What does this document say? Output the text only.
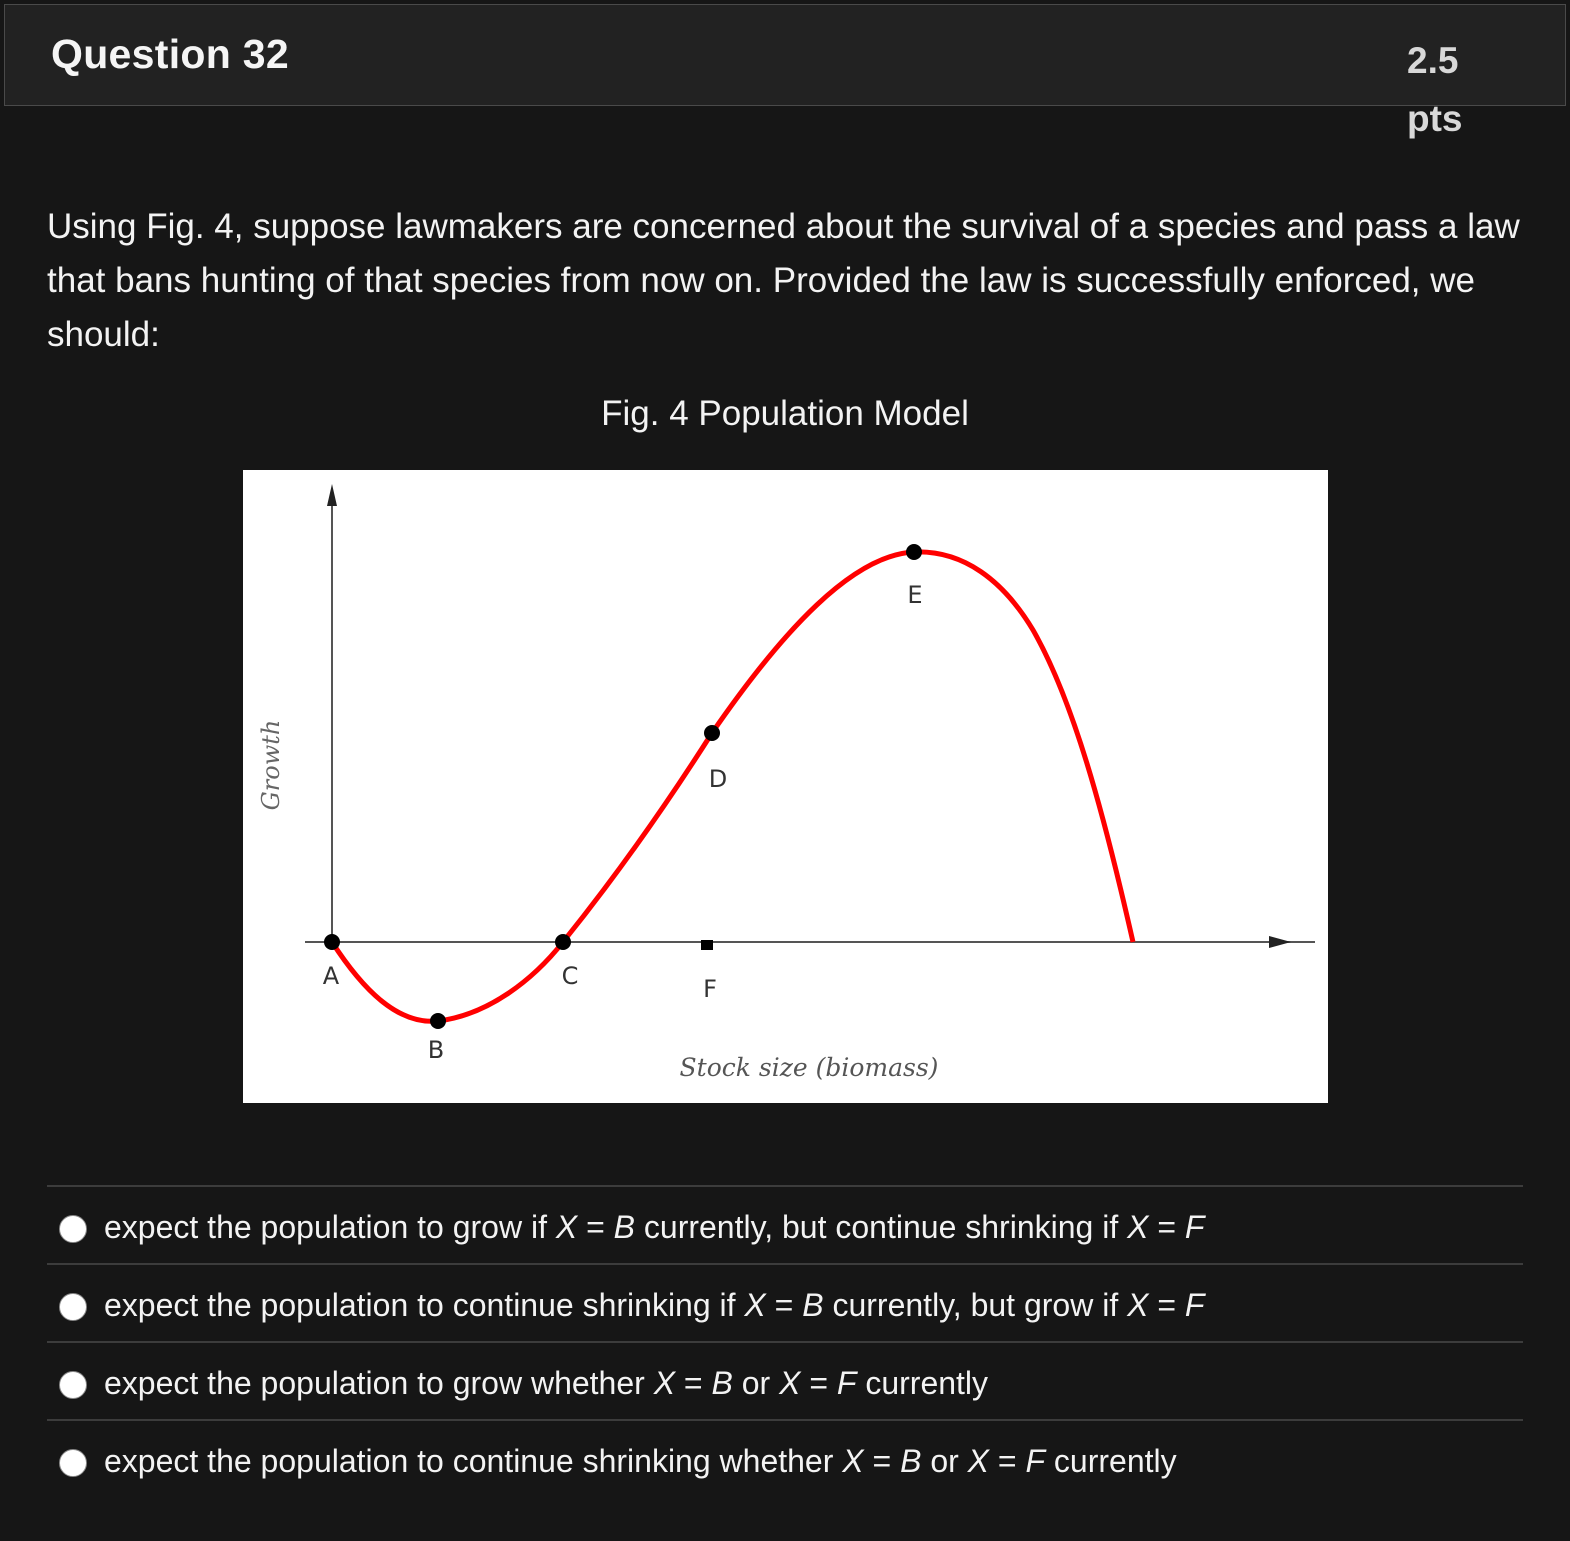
Question 32	2.5 pts
Using Fig. 4, suppose lawmakers are concerned about the survival of a species and pass a law that bans hunting of that species from now on. Provided the law is successfully enforced, we should:
Fig. 4 Population Model
A
B
C
D
E
F
Growth
Stock size (biomass)
expect the population to grow if X = B currently, but continue shrinking if X = F
expect the population to continue shrinking if X = B currently, but grow if X = F
expect the population to grow whether X = B or X = F currently
expect the population to continue shrinking whether X = B or X = F currently
